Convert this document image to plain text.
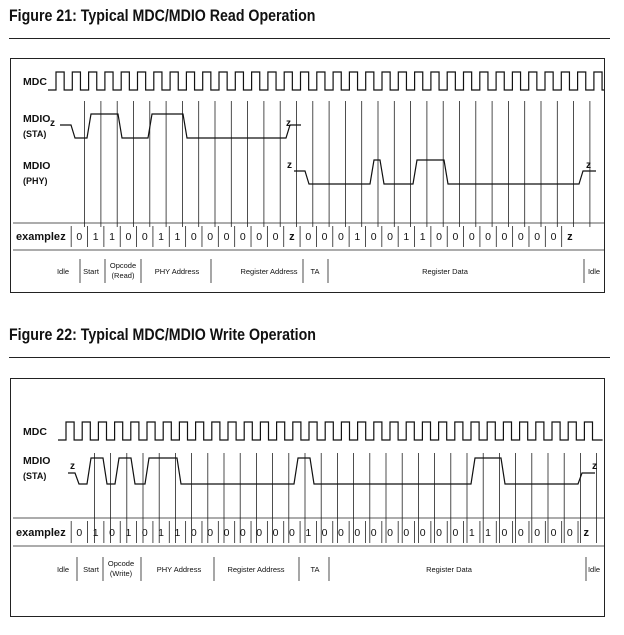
Figure 21: Typical MDC/MDIO Read Operation
MDC
MDIO
(STA)
MDIO
(PHY)
example
z	z
z	z
z 0 1 1 0 0 1 1 0 0 0 0 0 0 z 0 0 0 1 0 0 1 1 0 0 0 0 0 0 0 0 z
Idle Start
Opcode (Read)	PHY Address	Register Address TA	Register Data	Idle
Figure 22: Typical MDC/MDIO Write Operation
MDC
MDIO
(STA)
example
z	z
z 0 1 0 1 0 1 1 0 0 0 0 0 0 0 1 0 0 0 0 0 0 0 0 0 1 1 0 0 0 0 0 z
Idle Start
Opcode (Write)	PHY Address	Register Address	TA	Register Data	Idle
